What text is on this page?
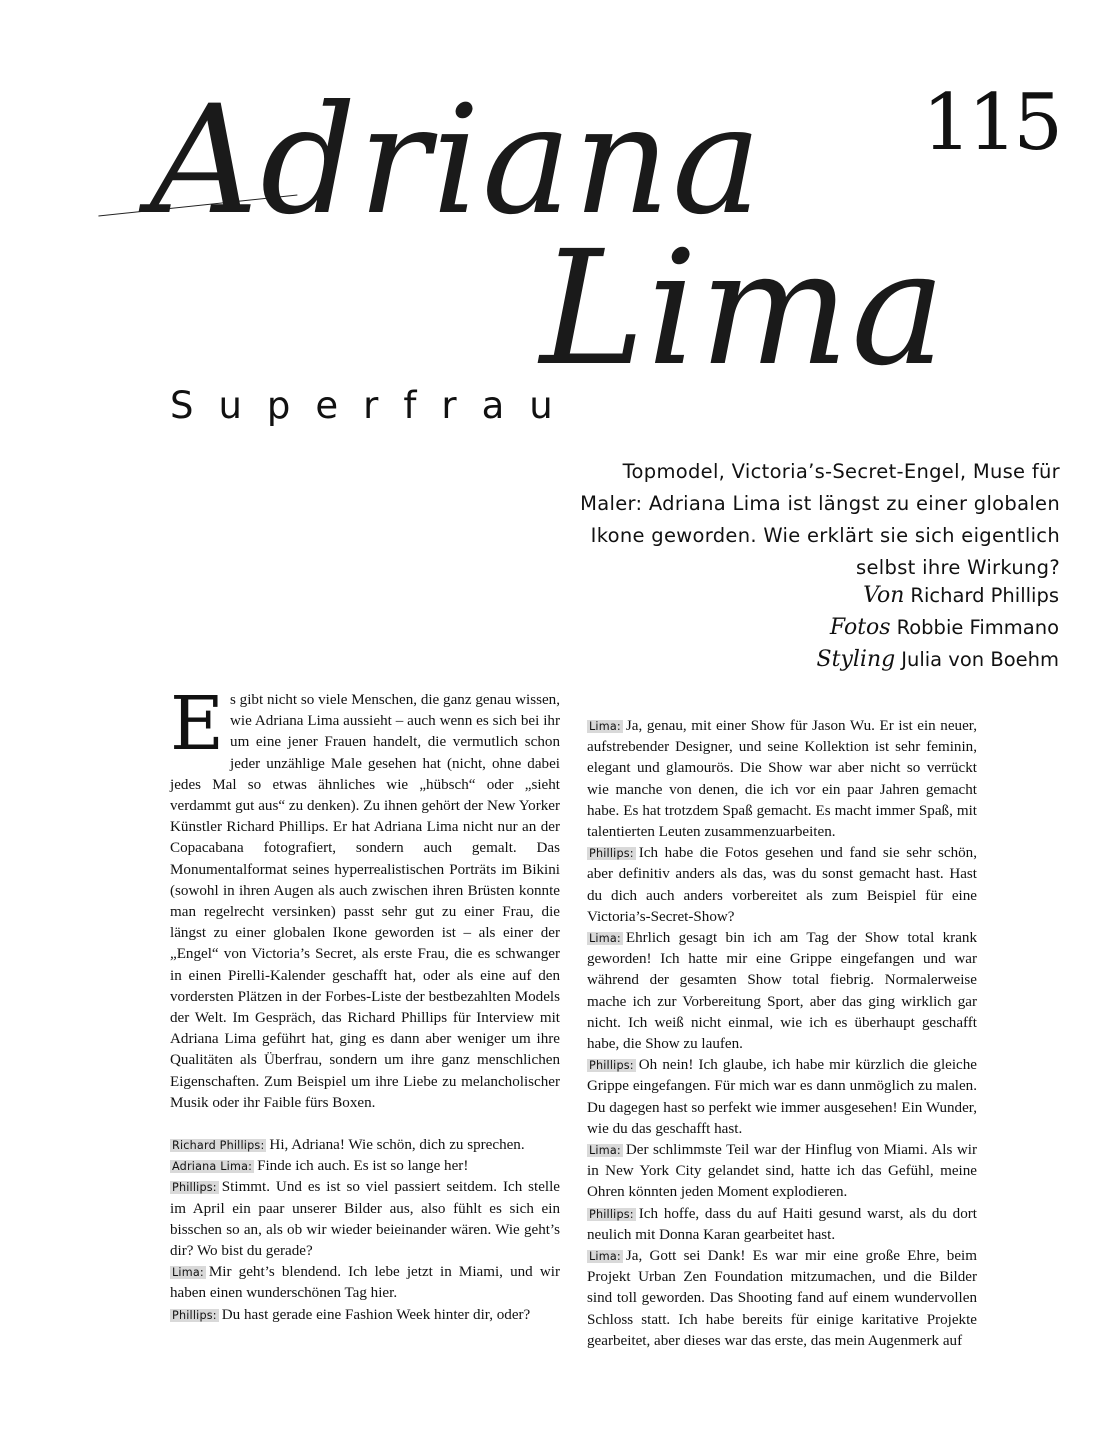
115
Adriana
Lima
Superfrau
Topmodel, Victoria’s-Secret-Engel, Muse für Maler: Adriana Lima ist längst zu einer globalen Ikone geworden. Wie erklärt sie sich eigentlich selbst ihre Wirkung?
Von Richard Phillips
Fotos Robbie Fimmano
Styling Julia von Boehm

Es gibt nicht so viele Menschen, die ganz genau wissen, wie Adriana Lima aussieht – auch wenn es sich bei ihr um eine jener Frauen handelt, die vermutlich schon jeder unzählige Male gesehen hat (nicht, ohne dabei jedes Mal so etwas ähnliches wie „hübsch“ oder „sieht verdammt gut aus“ zu denken). Zu ihnen gehört der New Yorker Künstler Richard Phillips. Er hat Adriana Lima nicht nur an der Copacabana fotografiert, sondern auch gemalt. Das Monumentalformat seines hyperrealistischen Porträts im Bikini (sowohl in ihren Augen als auch zwischen ihren Brüsten konnte man regelrecht versinken) passt sehr gut zu einer Frau, die längst zu einer globalen Ikone geworden ist – als einer der „Engel“ von Victoria’s Secret, als erste Frau, die es schwanger in einen Pirelli-Kalender geschafft hat, oder als eine auf den vordersten Plätzen in der Forbes-Liste der bestbezahlten Models der Welt. Im Gespräch, das Richard Phillips für Interview mit Adriana Lima geführt hat, ging es dann aber weniger um ihre Qualitäten als Überfrau, sondern um ihre ganz menschlichen Eigenschaften. Zum Beispiel um ihre Liebe zu melancholischer Musik oder ihr Faible fürs Boxen.

Richard Phillips: Hi, Adriana! Wie schön, dich zu sprechen.

Adriana Lima: Finde ich auch. Es ist so lange her!

Phillips: Stimmt. Und es ist so viel passiert seitdem. Ich stelle im April ein paar unserer Bilder aus, also fühlt es sich ein bisschen so an, als ob wir wieder beieinander wären. Wie geht’s dir? Wo bist du gerade?

Lima: Mir geht’s blendend. Ich lebe jetzt in Miami, und wir haben einen wunderschönen Tag hier.

Phillips: Du hast gerade eine Fashion Week hinter dir, oder?

Lima: Ja, genau, mit einer Show für Jason Wu. Er ist ein neuer, aufstrebender Designer, und seine Kollektion ist sehr feminin, elegant und glamourös. Die Show war aber nicht so verrückt wie manche von denen, die ich vor ein paar Jahren gemacht habe. Es hat trotzdem Spaß gemacht. Es macht immer Spaß, mit talentierten Leuten zusammenzuarbeiten.

Phillips: Ich habe die Fotos gesehen und fand sie sehr schön, aber definitiv anders als das, was du sonst gemacht hast. Hast du dich auch anders vorbereitet als zum Beispiel für eine Victoria’s-Secret-Show?

Lima: Ehrlich gesagt bin ich am Tag der Show total krank geworden! Ich hatte mir eine Grippe eingefangen und war während der gesamten Show total fiebrig. Normalerweise mache ich zur Vorbereitung Sport, aber das ging wirklich gar nicht. Ich weiß nicht einmal, wie ich es überhaupt geschafft habe, die Show zu laufen.

Phillips: Oh nein! Ich glaube, ich habe mir kürzlich die gleiche Grippe eingefangen. Für mich war es dann unmöglich zu malen. Du dagegen hast so perfekt wie immer ausgesehen! Ein Wunder, wie du das geschafft hast.

Lima: Der schlimmste Teil war der Hinflug von Miami. Als wir in New York City gelandet sind, hatte ich das Gefühl, meine Ohren könnten jeden Moment explodieren.

Phillips: Ich hoffe, dass du auf Haiti gesund warst, als du dort neulich mit Donna Karan gearbeitet hast.

Lima: Ja, Gott sei Dank! Es war mir eine große Ehre, beim Projekt Urban Zen Foundation mitzumachen, und die Bilder sind toll geworden. Das Shooting fand auf einem wundervollen Schloss statt. Ich habe bereits für einige karitative Projekte gearbeitet, aber dieses war das erste, das mein Augenmerk auf
